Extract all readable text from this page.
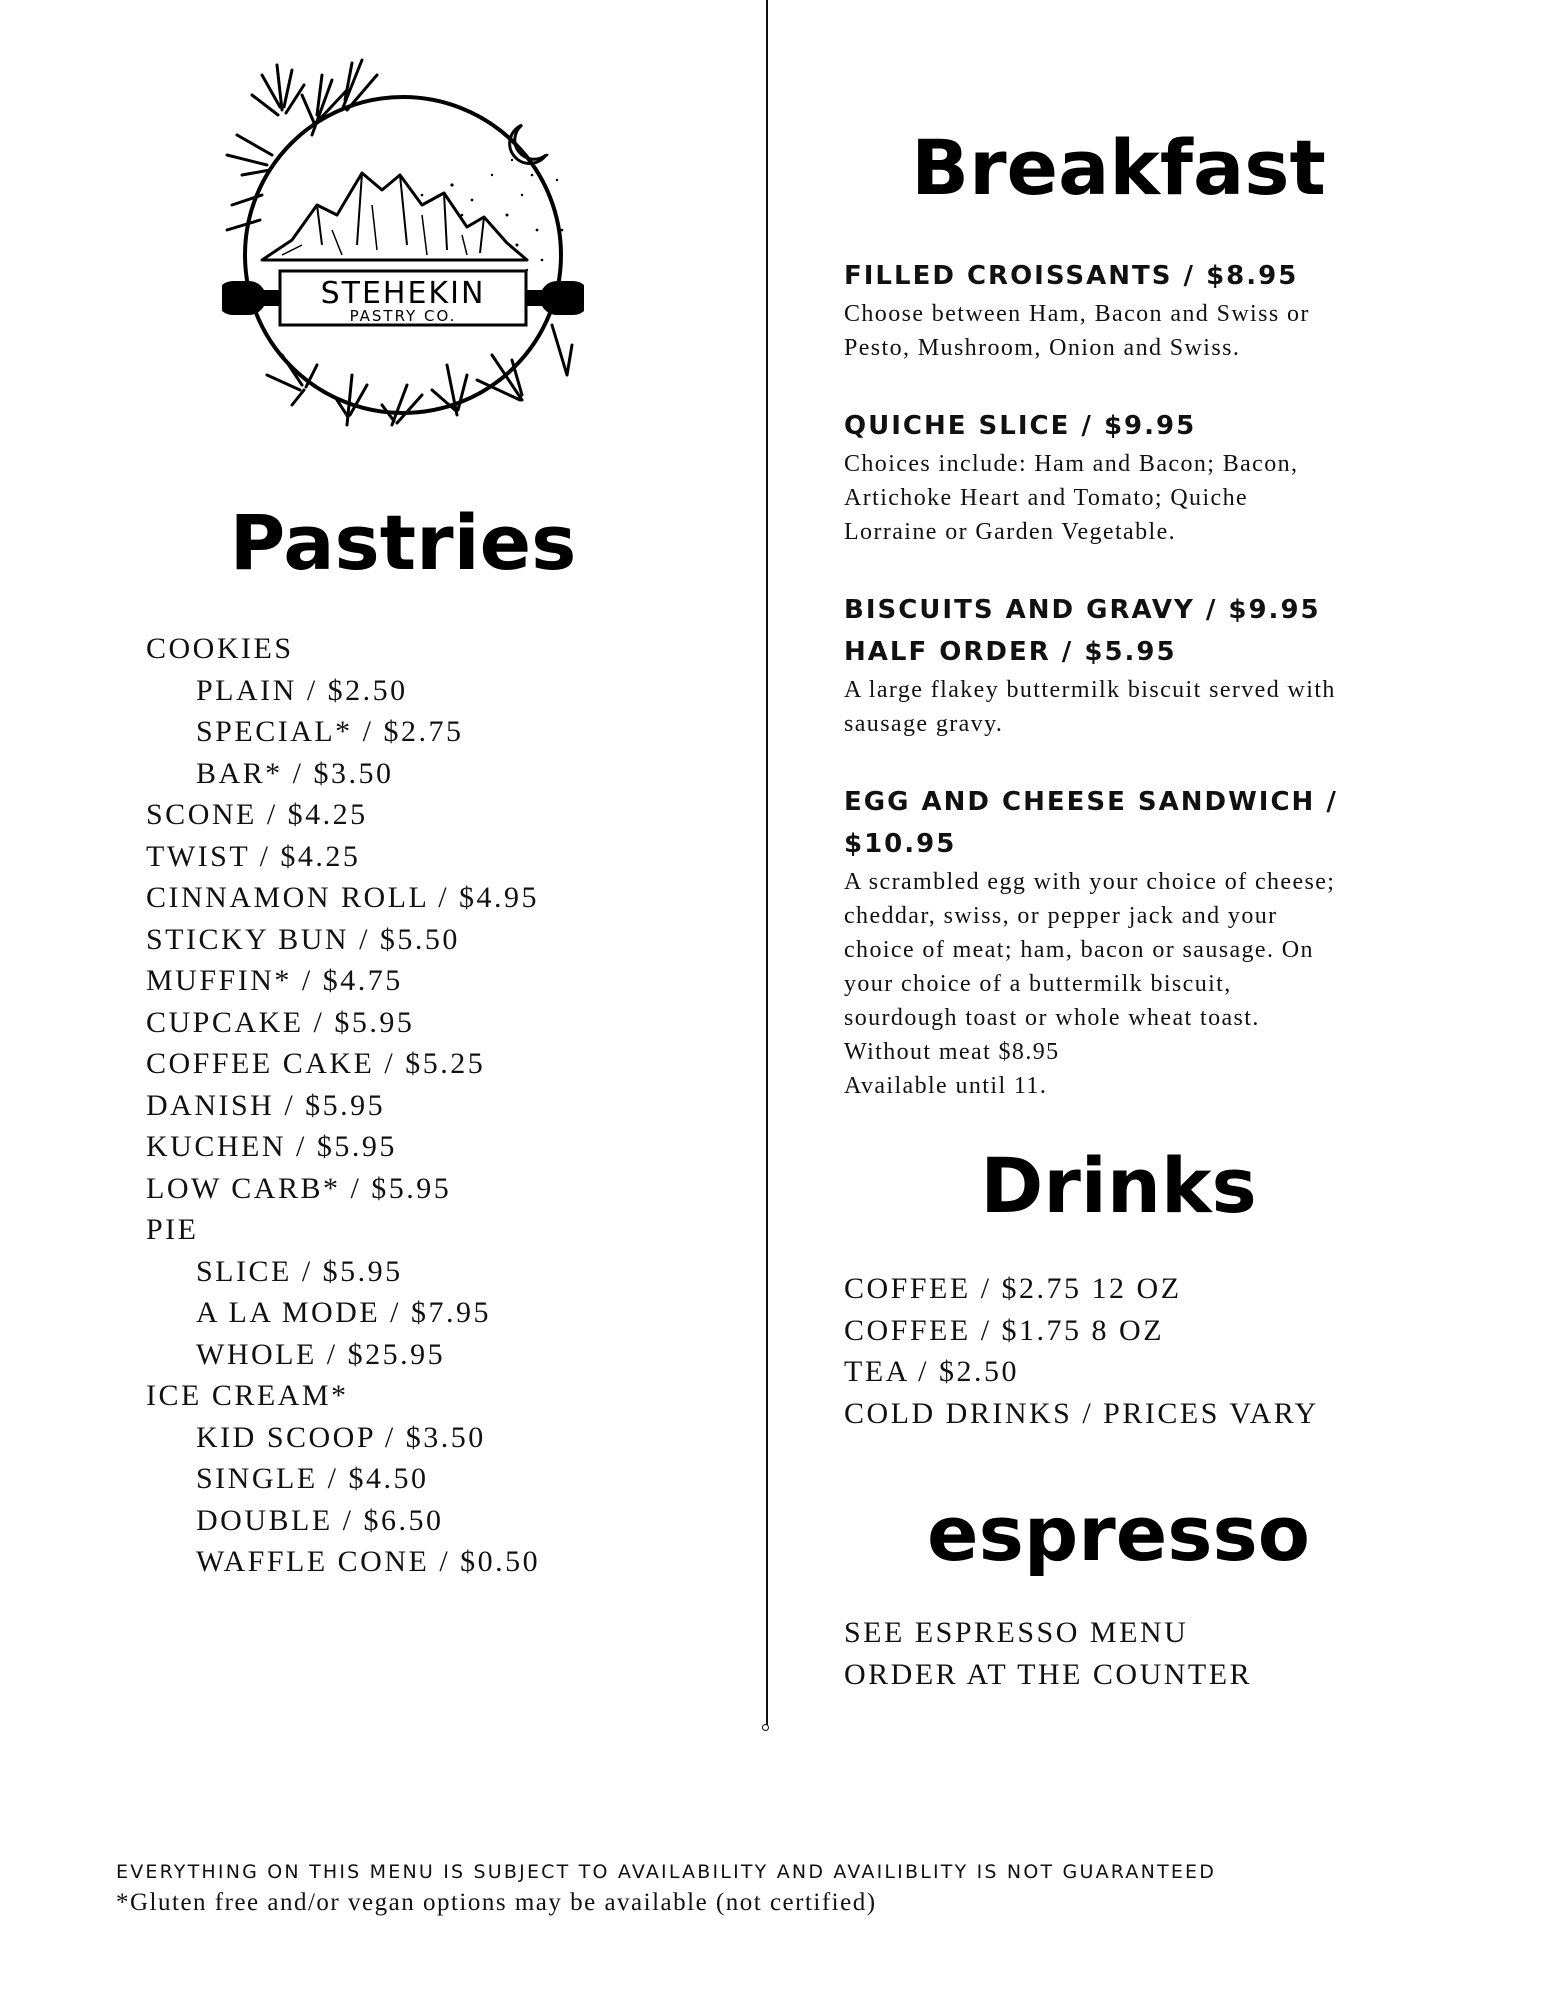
STEHEKIN
PASTRY CO.
Pastries
COOKIES
PLAIN / $2.50
SPECIAL* / $2.75
BAR* / $3.50
SCONE / $4.25
TWIST / $4.25
CINNAMON ROLL / $4.95
STICKY BUN / $5.50
MUFFIN* / $4.75
CUPCAKE / $5.95
COFFEE CAKE / $5.25
DANISH / $5.95
KUCHEN / $5.95
LOW CARB* / $5.95
PIE
SLICE / $5.95
A LA MODE / $7.95
WHOLE / $25.95
ICE CREAM*
KID SCOOP / $3.50
SINGLE / $4.50
DOUBLE / $6.50
WAFFLE CONE / $0.50
Breakfast
FILLED CROISSANTS / $8.95
Choose between Ham, Bacon and Swiss or
Pesto, Mushroom, Onion and Swiss.
QUICHE SLICE / $9.95
Choices include: Ham and Bacon; Bacon,
Artichoke Heart and Tomato; Quiche
Lorraine or Garden Vegetable.
BISCUITS AND GRAVY / $9.95
HALF ORDER / $5.95
A large flakey buttermilk biscuit served with
sausage gravy.
EGG AND CHEESE SANDWICH /
$10.95
A scrambled egg with your choice of cheese;
cheddar, swiss, or pepper jack and your
choice of meat; ham, bacon or sausage. On
your choice of a buttermilk biscuit,
sourdough toast or whole wheat toast.
Without meat $8.95
Available until 11.
Drinks
COFFEE / $2.75 12 OZ
COFFEE / $1.75 8 OZ
TEA / $2.50
COLD DRINKS / PRICES VARY
espresso
SEE ESPRESSO MENU
ORDER AT THE COUNTER
EVERYTHING ON THIS MENU IS SUBJECT TO AVAILABILITY AND AVAILIBLITY IS NOT GUARANTEED
*Gluten free and/or vegan options may be available (not certified)
